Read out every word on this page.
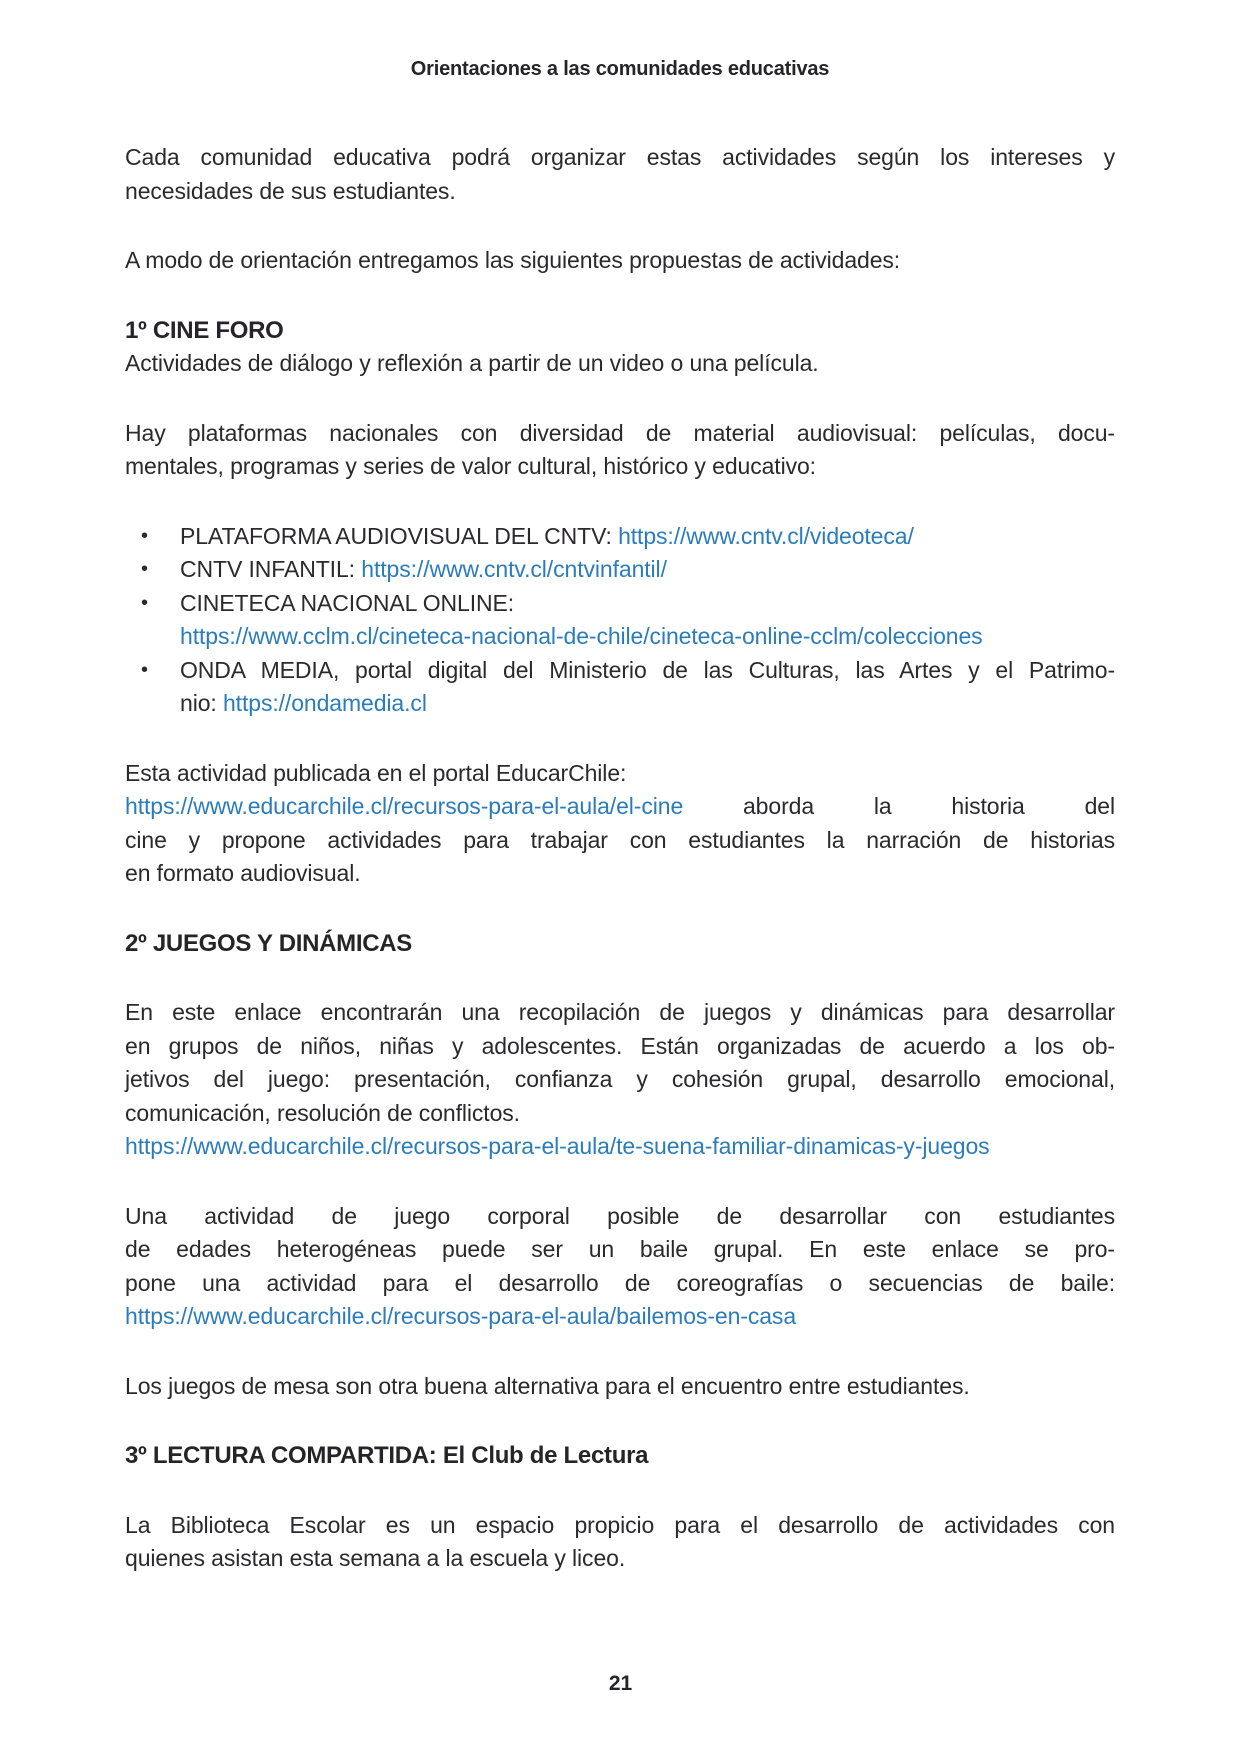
Orientaciones a las comunidades educativas
Cada comunidad educativa podrá organizar estas actividades según los intereses y
necesidades de sus estudiantes.
A modo de orientación entregamos las siguientes propuestas de actividades:
1º CINE FORO
Actividades de diálogo y reflexión a partir de un video o una película.
Hay plataformas nacionales con diversidad de material audiovisual: películas, docu-
mentales, programas y series de valor cultural, histórico y educativo:
•	PLATAFORMA AUDIOVISUAL DEL CNTV: https://www.cntv.cl/videoteca/
•	CNTV INFANTIL: https://www.cntv.cl/cntvinfantil/
•	CINETECA NACIONAL ONLINE:
https://www.cclm.cl/cineteca-nacional-de-chile/cineteca-online-cclm/colecciones
•	ONDA MEDIA, portal digital del Ministerio de las Culturas, las Artes y el Patrimo-
nio: https://ondamedia.cl
Esta actividad publicada en el portal EducarChile:
https://www.educarchile.cl/recursos-para-el-aula/el-cine aborda la historia del
cine y propone actividades para trabajar con estudiantes la narración de historias
en formato audiovisual.
2º JUEGOS Y DINÁMICAS
En este enlace encontrarán una recopilación de juegos y dinámicas para desarrollar
en grupos de niños, niñas y adolescentes. Están organizadas de acuerdo a los ob-
jetivos del juego: presentación, confianza y cohesión grupal, desarrollo emocional,
comunicación, resolución de conflictos.
https://www.educarchile.cl/recursos-para-el-aula/te-suena-familiar-dinamicas-y-juegos
Una actividad de juego corporal posible de desarrollar con estudiantes
de edades heterogéneas puede ser un baile grupal. En este enlace se pro-
pone una actividad para el desarrollo de coreografías o secuencias de baile:
https://www.educarchile.cl/recursos-para-el-aula/bailemos-en-casa
Los juegos de mesa son otra buena alternativa para el encuentro entre estudiantes.
3º LECTURA COMPARTIDA: El Club de Lectura
La Biblioteca Escolar es un espacio propicio para el desarrollo de actividades con
quienes asistan esta semana a la escuela y liceo.
21
